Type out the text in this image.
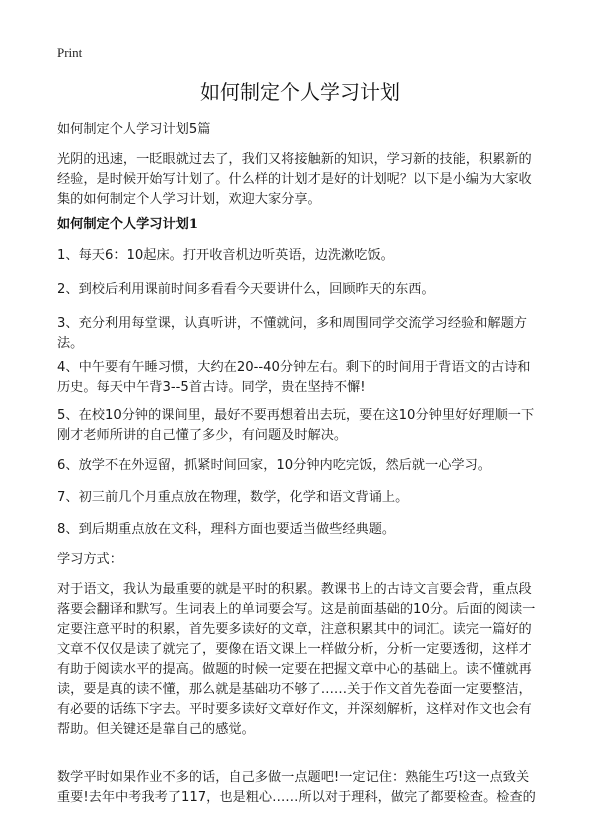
Print
如何制定个人学习计划
如何制定个人学习计划5篇
光阴的迅速，一眨眼就过去了，我们又将接触新的知识，学习新的技能，积累新的
经验，是时候开始写计划了。什么样的计划才是好的计划呢？以下是小编为大家收
集的如何制定个人学习计划，欢迎大家分享。
如何制定个人学习计划1
1、每天6：10起床。打开收音机边听英语，边洗漱吃饭。
2、到校后利用课前时间多看看今天要讲什么，回顾昨天的东西。
3、充分利用每堂课，认真听讲，不懂就问，多和周围同学交流学习经验和解题方
法。
4、中午要有午睡习惯，大约在20--40分钟左右。剩下的时间用于背语文的古诗和
历史。每天中午背3--5首古诗。同学，贵在坚持不懈!
5、在校10分钟的课间里，最好不要再想着出去玩，要在这10分钟里好好理顺一下
刚才老师所讲的自己懂了多少，有问题及时解决。
6、放学不在外逗留，抓紧时间回家，10分钟内吃完饭，然后就一心学习。
7、初三前几个月重点放在物理，数学，化学和语文背诵上。
8、到后期重点放在文科，理科方面也要适当做些经典题。
学习方式：
对于语文，我认为最重要的就是平时的积累。教课书上的古诗文言要会背，重点段
落要会翻译和默写。生词表上的单词要会写。这是前面基础的10分。后面的阅读一
定要注意平时的积累，首先要多读好的文章，注意积累其中的词汇。读完一篇好的
文章不仅仅是读了就完了，要像在语文课上一样做分析，分析一定要透彻，这样才
有助于阅读水平的提高。做题的时候一定要在把握文章中心的基础上。读不懂就再
读，要是真的读不懂，那么就是基础功不够了……关于作文首先卷面一定要整洁，
有必要的话练下字去。平时要多读好文章好作文，并深刻解析，这样对作文也会有
帮助。但关键还是靠自己的感觉。
数学平时如果作业不多的话，自己多做一点题吧!一定记住：熟能生巧!这一点致关
重要!去年中考我考了117，也是粗心……所以对于理科，做完了都要检查。检查的
